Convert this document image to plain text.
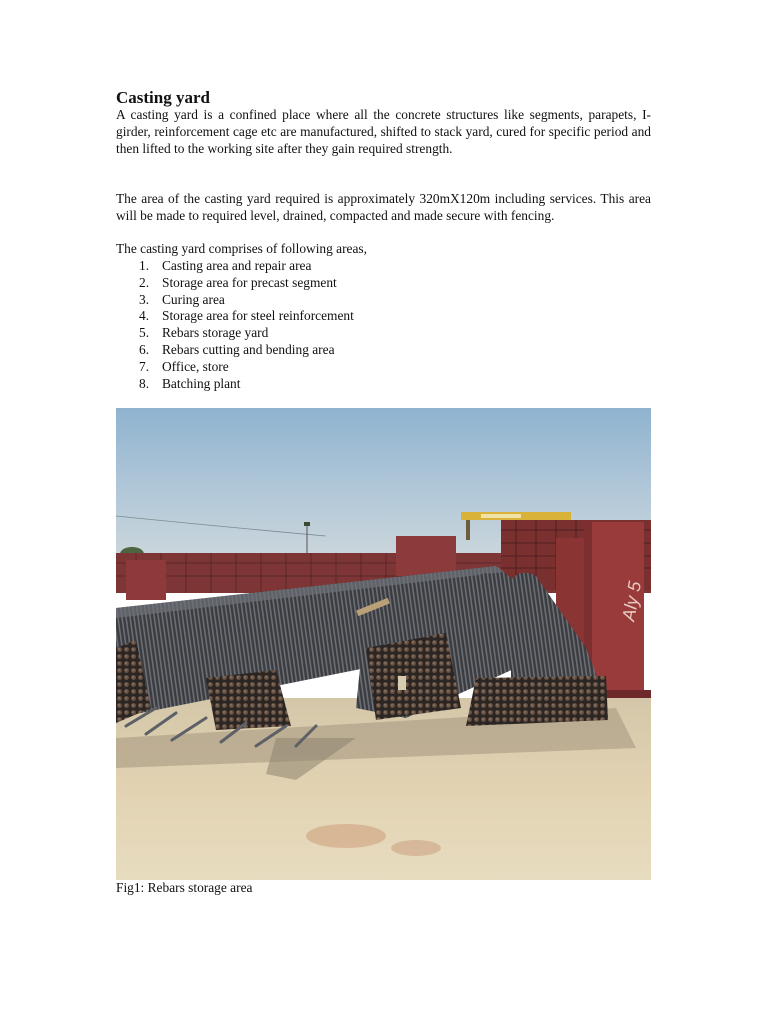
Casting yard

A casting yard is a confined place where all the concrete structures like segments, parapets, I-girder, reinforcement cage etc are manufactured, shifted to stack yard, cured for specific period and then lifted to the working site after they gain required strength.

The area of the casting yard required is approximately 320mX120m including services. This area will be made to required level, drained, compacted and made secure with fencing.

The casting yard comprises of following areas,

1. Casting area and repair area
2. Storage area for precast segment
3. Curing area
4. Storage area for steel reinforcement
5. Rebars storage yard
6. Rebars cutting and bending area
7. Office, store
8. Batching plant
Aly 5

Fig1: Rebars storage area
